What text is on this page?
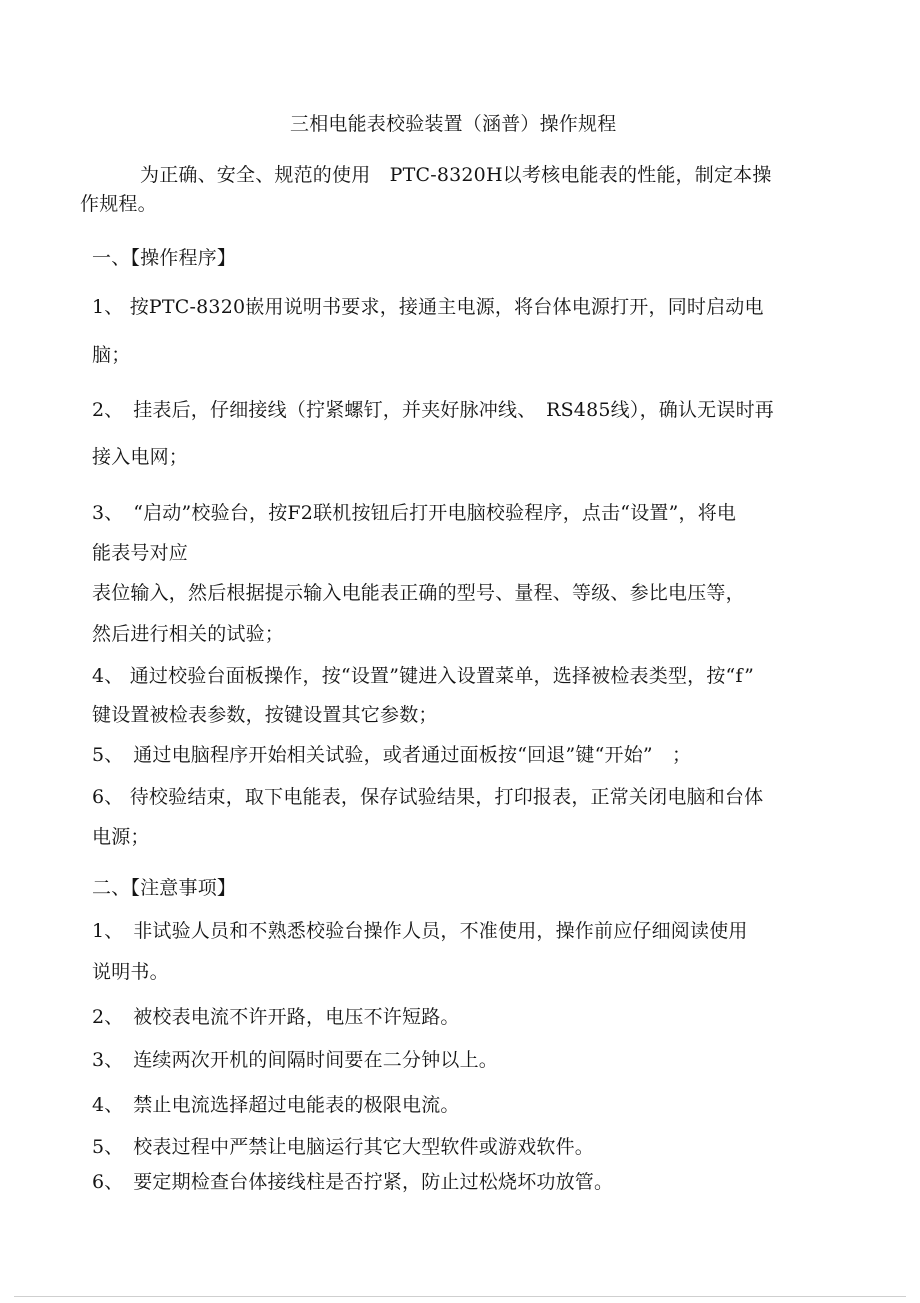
三相电能表校验装置（涵普）操作规程
为正确、安全、规范的使用　PTC-8320H以考核电能表的性能，制定本操
作规程。
一、【操作程序】
1、 按PTC-8320嵌用说明书要求，接通主电源，将台体电源打开，同时启动电
脑；
2、　挂表后，仔细接线（拧紧螺钉，并夹好脉冲线、　RS485线），确认无误时再
接入电网；
3、　“启动”校验台，按F2联机按钮后打开电脑校验程序，点击“设置”，将电
能表号对应
表位输入，然后根据提示输入电能表正确的型号、量程、等级、参比电压等，
然后进行相关的试验；
4、 通过校验台面板操作，按“设置”键进入设置菜单，选择被检表类型，按“f”
键设置被检表参数，按键设置其它参数；
5、　通过电脑程序开始相关试验，或者通过面板按“回退”键“开始”　；
6、 待校验结束，取下电能表，保存试验结果，打印报表，正常关闭电脑和台体
电源；
二、【注意事项】
1、　非试验人员和不熟悉校验台操作人员，不准使用，操作前应仔细阅读使用
说明书。
2、　被校表电流不许开路，电压不许短路。
3、　连续两次开机的间隔时间要在二分钟以上。
4、　禁止电流选择超过电能表的极限电流。
5、　校表过程中严禁让电脑运行其它大型软件或游戏软件。
6、　要定期检查台体接线柱是否拧紧，防止过松烧坏功放管。
